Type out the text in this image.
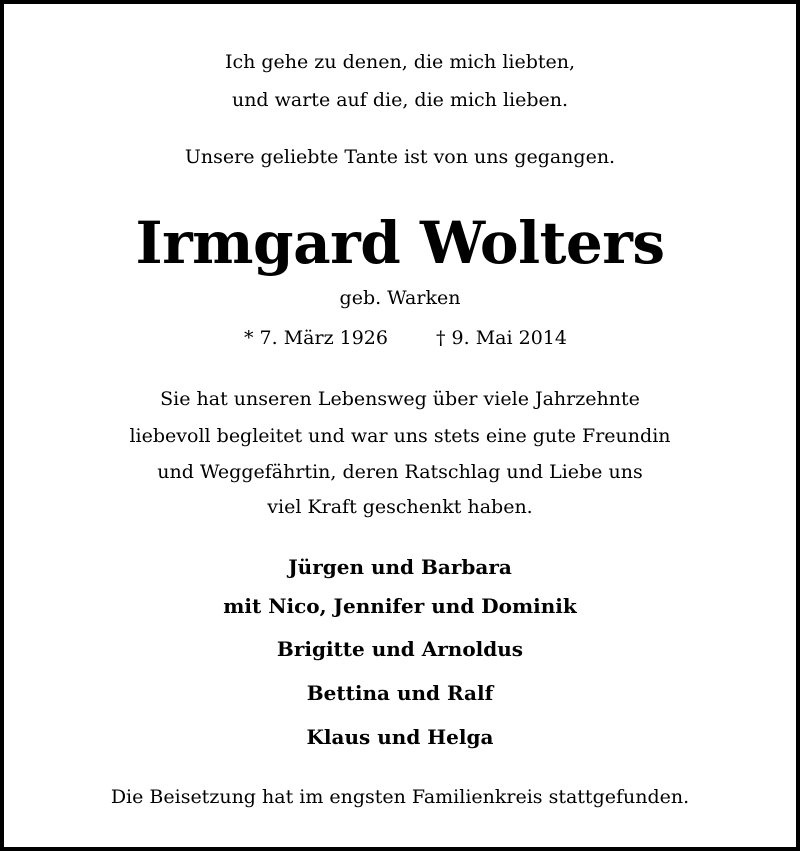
Ich gehe zu denen, die mich liebten,
und warte auf die, die mich lieben.
Unsere geliebte Tante ist von uns gegangen.
Irmgard Wolters
geb. Warken
* 7. März 1926	† 9. Mai 2014
Sie hat unseren Lebensweg über viele Jahrzehnte
liebevoll begleitet und war uns stets eine gute Freundin
und Weggefährtin, deren Ratschlag und Liebe uns
viel Kraft geschenkt haben.
Jürgen und Barbara
mit Nico, Jennifer und Dominik
Brigitte und Arnoldus
Bettina und Ralf
Klaus und Helga
Die Beisetzung hat im engsten Familienkreis stattgefunden.
